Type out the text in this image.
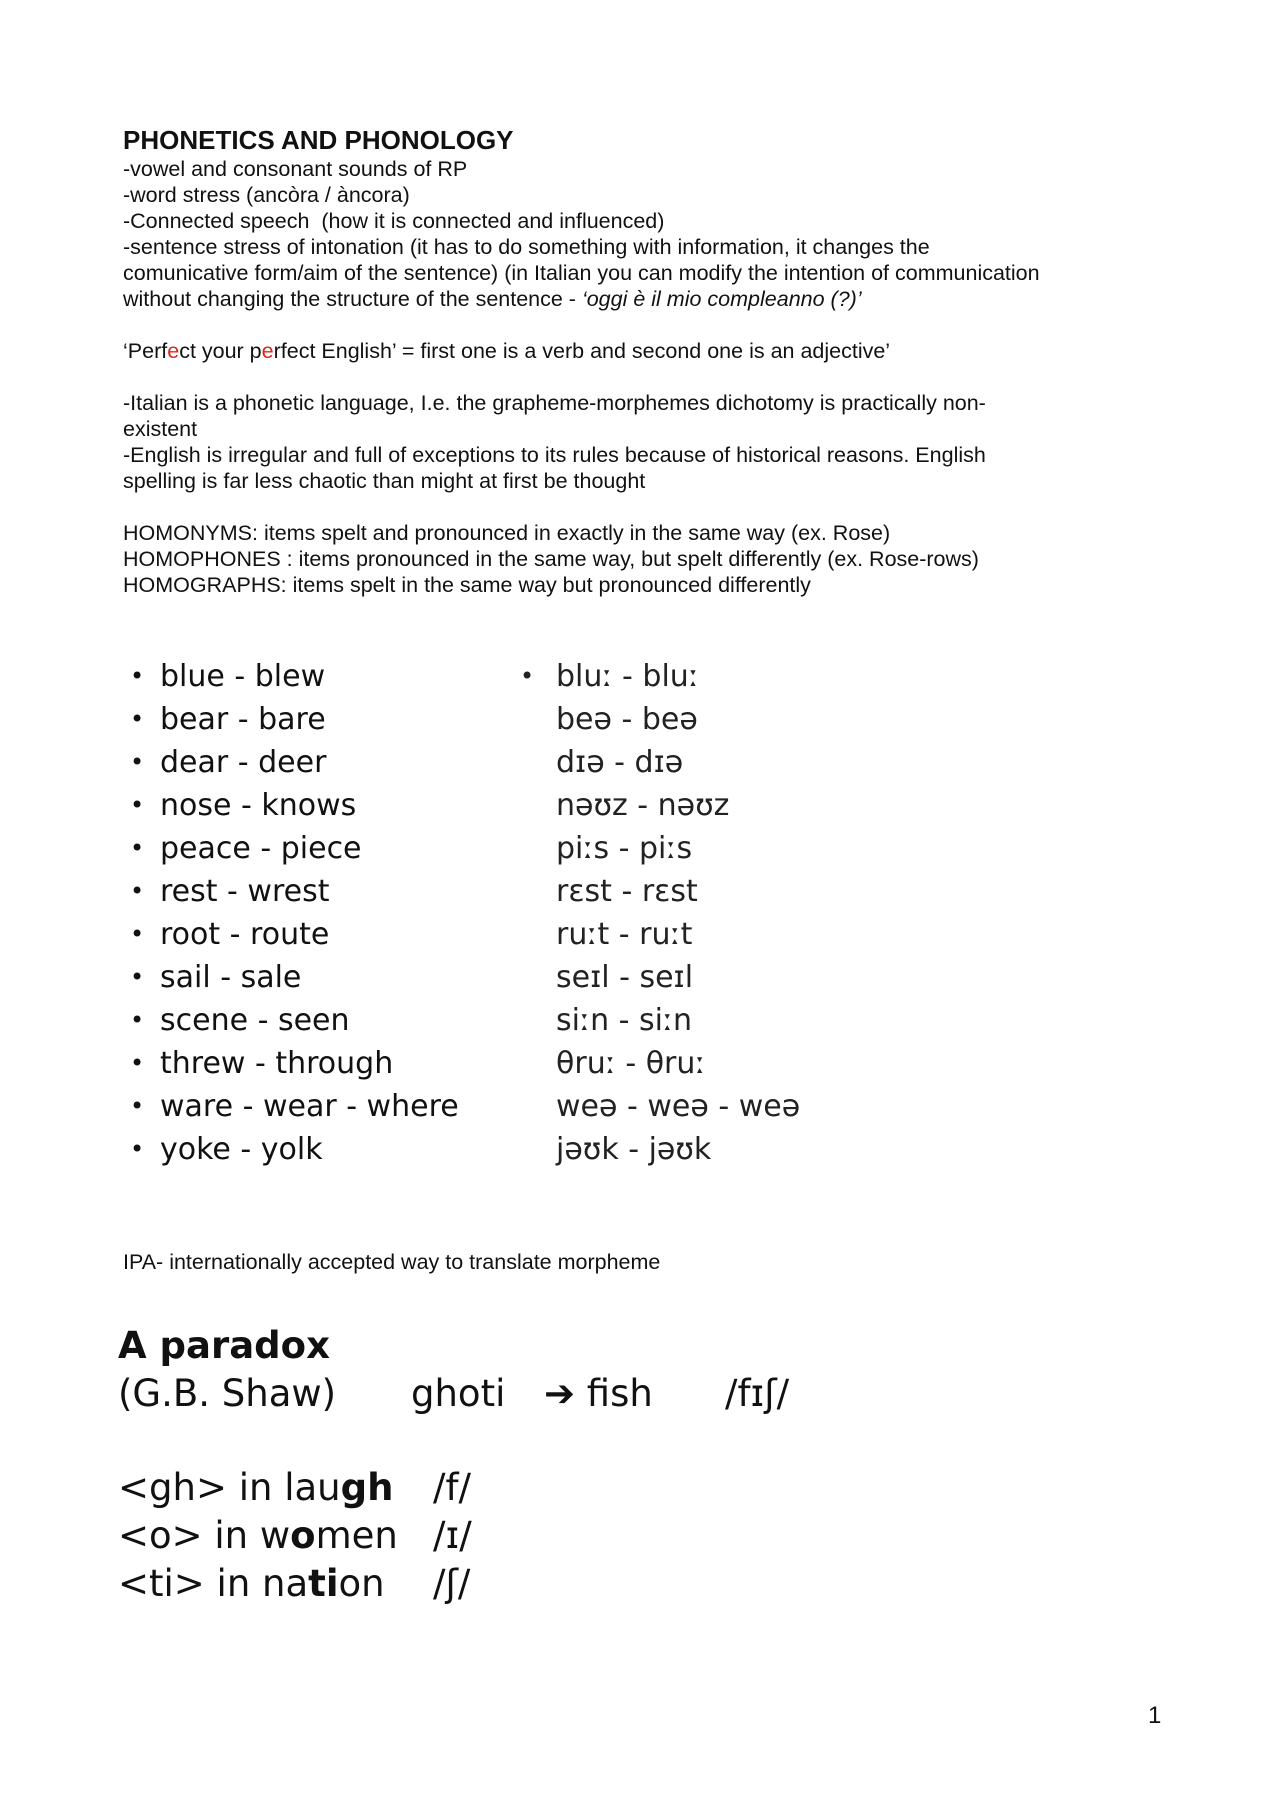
PHONETICS AND PHONOLOGY

-vowel and consonant sounds of RP

-word stress (ancòra / àncora)

-Connected speech  (how it is connected and influenced)

-sentence stress of intonation (it has to do something with information, it changes the

comunicative form/aim of the sentence) (in Italian you can modify the intention of communication

without changing the structure of the sentence - ‘oggi è il mio compleanno (?)’

‘Perfect your perfect English’ = first one is a verb and second one is an adjective’

-Italian is a phonetic language, I.e. the grapheme-morphemes dichotomy is practically non-

existent

-English is irregular and full of exceptions to its rules because of historical reasons. English

spelling is far less chaotic than might at first be thought

HOMONYMS: items spelt and pronounced in exactly in the same way (ex. Rose)

HOMOPHONES : items pronounced in the same way, but spelt differently (ex. Rose-rows)

HOMOGRAPHS: items spelt in the same way but pronounced differently

• blue - blew
• bear - bare
• dear - deer
• nose - knows
• peace - piece
• rest - wrest
• root - route
• sail - sale
• scene - seen
• threw - through
• ware - wear - where
• yoke - yolk
• bluː - bluː
beə - beə
dɪə - dɪə
nəʊz - nəʊz
piːs - piːs
rɛst - rɛst
ruːt - ruːt
seɪl - seɪl
siːn - siːn
θruː - θruː
weə - weə - weə
jəʊk - jəʊk

IPA- internationally accepted way to translate morpheme

A paradox
(G.B. Shaw) ghoti ➔ fish /fɪʃ/
<gh> in laugh /f/
<o> in women /ɪ/
<ti> in nation /ʃ/
1
